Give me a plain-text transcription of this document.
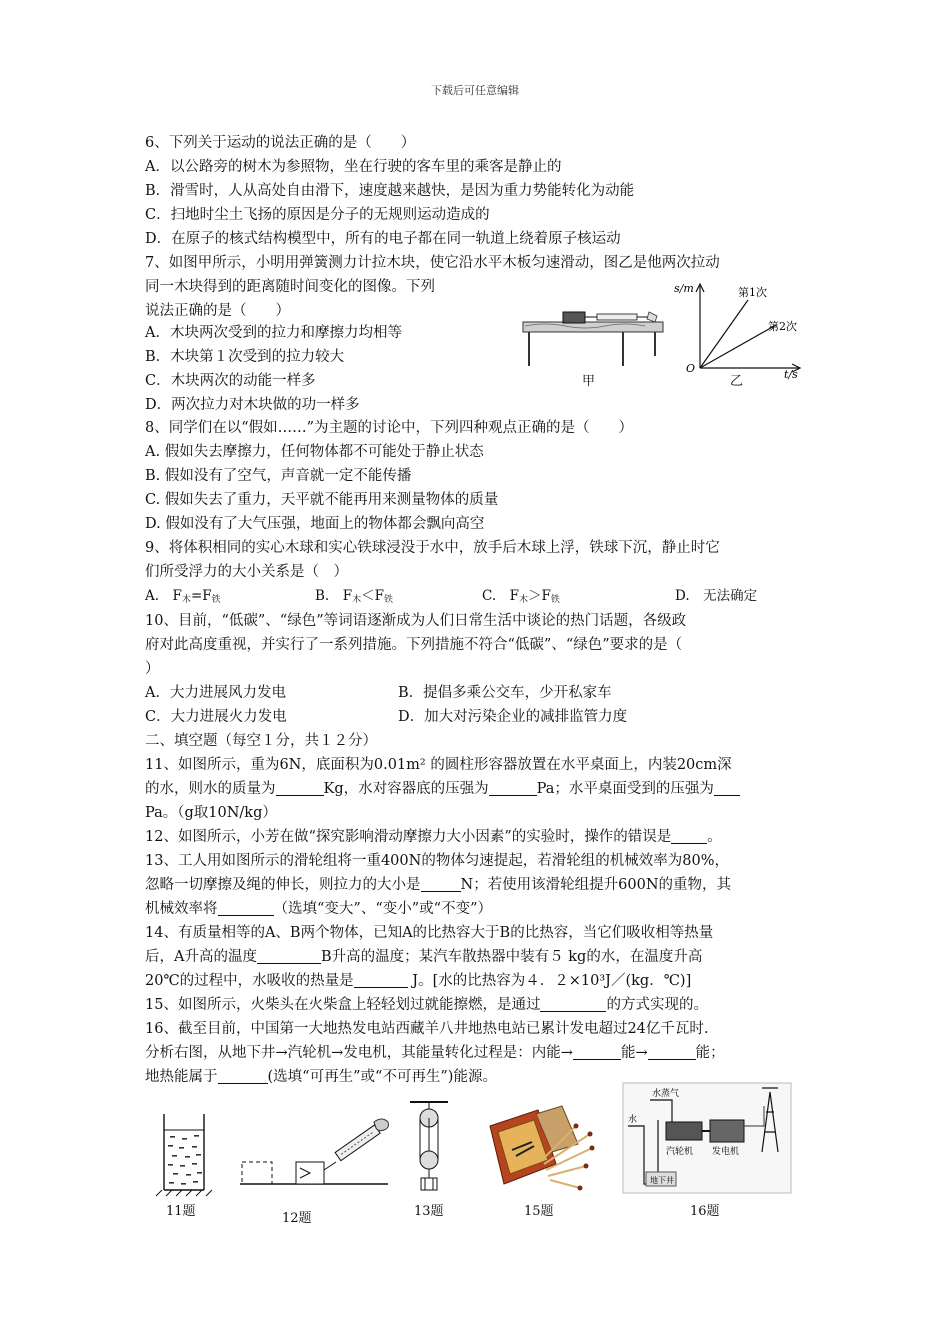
下载后可任意编辑
6、下列关于运动的说法正确的是（　　）
A．以公路旁的树木为参照物，坐在行驶的客车里的乘客是静止的
B．滑雪时，人从高处自由滑下，速度越来越快，是因为重力势能转化为动能
C．扫地时尘土飞扬的原因是分子的无规则运动造成的
D．在原子的核式结构模型中，所有的电子都在同一轨道上绕着原子核运动
7、如图甲所示，小明用弹簧测力计拉木块，使它沿水平木板匀速滑动，图乙是他两次拉动
同一木块得到的距离随时间变化的图像。下列
说法正确的是（　　）
A．木块两次受到的拉力和摩擦力均相等
B．木块第１次受到的拉力较大
C．木块两次的动能一样多
D．两次拉力对木块做的功一样多
甲
s/m
O	t/s
第1次
第2次
乙
8、同学们在以“假如……”为主题的讨论中，下列四种观点正确的是（　　）
A. 假如失去摩擦力，任何物体都不可能处于静止状态
B. 假如没有了空气，声音就一定不能传播
C. 假如失去了重力，天平就不能再用来测量物体的质量
D. 假如没有了大气压强，地面上的物体都会飘向高空
9、将体积相同的实心木球和实心铁球浸没于水中，放手后木球上浮，铁球下沉，静止时它
们所受浮力的大小关系是（　）
A.　$F_木=F_铁$	B.　$F_木<F_铁$	C.　$F_木>F_铁$	D.　无法确定
10、目前，“低碳”、“绿色”等词语逐渐成为人们日常生活中谈论的热门话题，各级政
府对此高度重视，并实行了一系列措施。下列措施不符合“低碳”、“绿色”要求的是（
）
A．大力进展风力发电	B．提倡多乘公交车，少开私家车
C．大力进展火力发电	D．加大对污染企业的减排监管力度
二、填空题（每空１分，共１２分）
11、如图所示，重为6N，底面积为0.01m² 的圆柱形容器放置在水平桌面上，内装20cm深
的水，则水的质量为	Kg，水对容器底的压强为	Pa；水平桌面受到的压强为
Pa。（g取10N/kg）
12、如图所示，小芳在做“探究影响滑动摩擦力大小因素”的实验时，操作的错误是 。
13、工人用如图所示的滑轮组将一重400N的物体匀速提起，若滑轮组的机械效率为80%，
忽略一切摩擦及绳的伸长，则拉力的大小是	N；若使用该滑轮组提升600N的重物，其
机械效率将	（选填“变大”、“变小”或“不变”）
14、有质量相等的A、B两个物体，已知A的比热容大于B的比热容，当它们吸收相等热量
后，A升高的温度	B升高的温度；某汽车散热器中装有５ kg的水，在温度升高
20℃的过程中，水吸收的热量是	J。[水的比热容为４．２×10³J／(kg．℃)]
15、如图所示，火柴头在火柴盒上轻轻划过就能擦燃，是通过	的方式实现的。
16、截至目前，中国第一大地热发电站西藏羊八井地热电站已累计发电超过24亿千瓦时.
分析右图，从地下井→汽轮机→发电机，其能量转化过程是：内能→	能→	能；
地热能属于	(选填“可再生”或“不可再生”)能源。
11题	12题	13题	15题
水蒸气
水
汽轮机 发电机
地下井
16题
